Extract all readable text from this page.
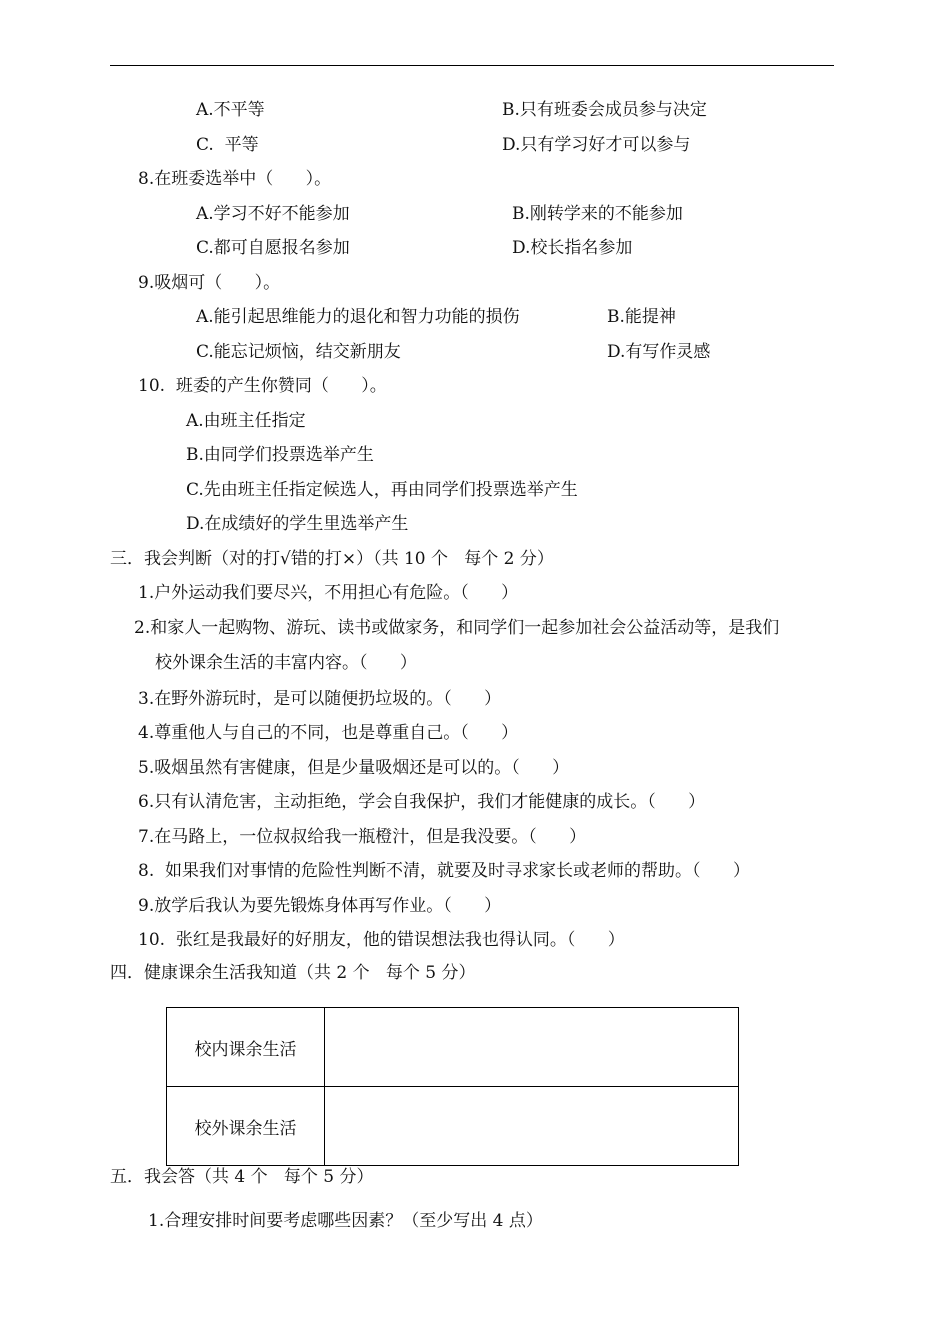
A.不平等	B.只有班委会成员参与决定
C.  平等	D.只有学习好才可以参与
8.在班委选举中（      ）。
A.学习不好不能参加	B.刚转学来的不能参加
C.都可自愿报名参加	D.校长指名参加
9.吸烟可（      ）。
A.能引起思维能力的退化和智力功能的损伤	B.能提神
C.能忘记烦恼，结交新朋友	D.有写作灵感
10.  班委的产生你赞同（      ）。
A.由班主任指定
B.由同学们投票选举产生
C.先由班主任指定候选人，再由同学们投票选举产生
D.在成绩好的学生里选举产生
三．我会判断（对的打√错的打×）（共 10 个   每个 2 分）
1.户外运动我们要尽兴，不用担心有危险。（      ）
2.和家人一起购物、游玩、读书或做家务，和同学们一起参加社会公益活动等，是我们
校外课余生活的丰富内容。（      ）
3.在野外游玩时，是可以随便扔垃圾的。（      ）
4.尊重他人与自己的不同，也是尊重自己。（      ）
5.吸烟虽然有害健康，但是少量吸烟还是可以的。（      ）
6.只有认清危害，主动拒绝，学会自我保护，我们才能健康的成长。（      ）
7.在马路上，一位叔叔给我一瓶橙汁，但是我没要。（      ）
8.  如果我们对事情的危险性判断不清，就要及时寻求家长或老师的帮助。（      ）
9.放学后我认为要先锻炼身体再写作业。（      ）
10.  张红是我最好的好朋友，他的错误想法我也得认同。（      ）
四．健康课余生活我知道（共 2 个   每个 5 分）
校内课余生活	
校外课余生活	
五．我会答（共 4 个   每个 5 分）
1.合理安排时间要考虑哪些因素？（至少写出 4 点）
